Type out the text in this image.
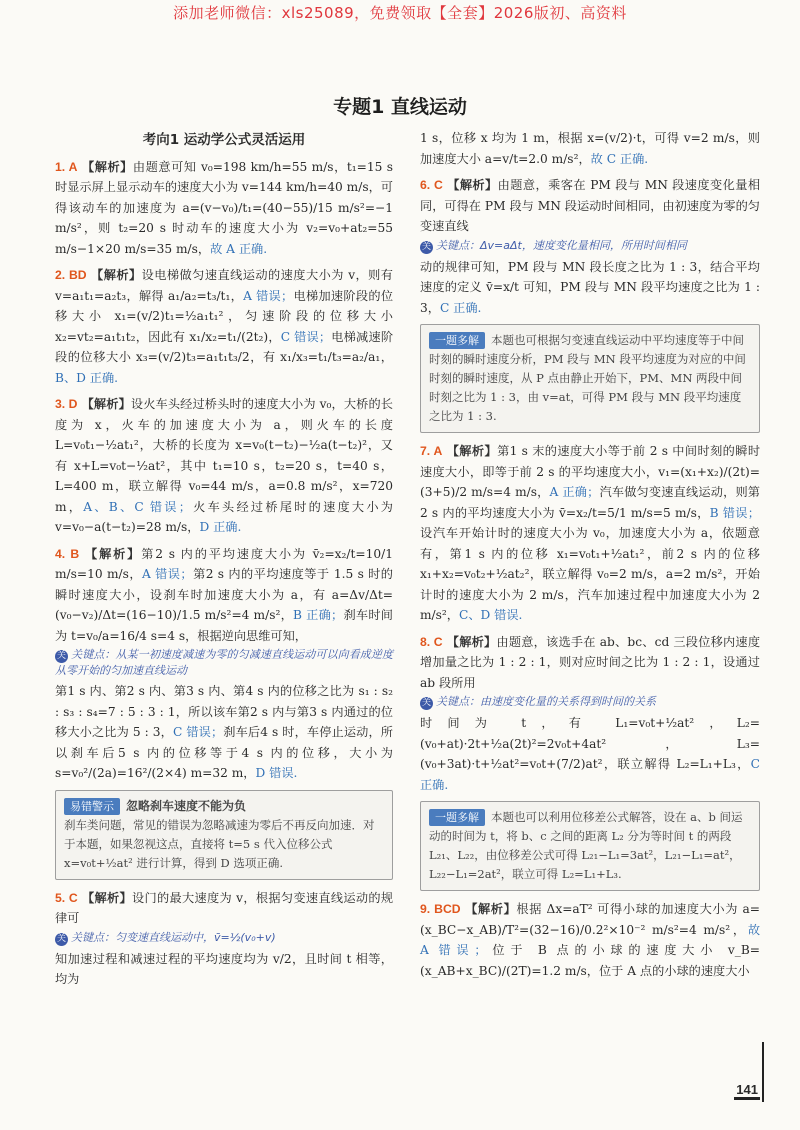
添加老师微信：xls25089，免费领取【全套】2026版初、高资料
专题1 直线运动
考向1 运动学公式灵活运用
1. A 【解析】由题意可知 v₀=198 km/h=55 m/s，t₁=15 s 时显示屏上显示动车的速度大小为 v=144 km/h=40 m/s，可得该动车的加速度为 a=(v−v₀)/t₁=(40−55)/15 m/s²=−1 m/s²，则 t₂=20 s 时动车的速度大小为 v₂=v₀+at₂=55 m/s−1×20 m/s=35 m/s，故 A 正确.
2. BD 【解析】设电梯做匀速直线运动的速度大小为 v，则有 v=a₁t₁=a₂t₃，解得 a₁/a₂=t₃/t₁，A 错误；电梯加速阶段的位移大小 x₁=(v/2)t₁=½a₁t₁²，匀速阶段的位移大小 x₂=vt₂=a₁t₁t₂，因此有 x₁/x₂=t₁/(2t₂)，C 错误；电梯减速阶段的位移大小 x₃=(v/2)t₃=a₁t₁t₃/2，有 x₁/x₃=t₁/t₃=a₂/a₁，B、D 正确.
3. D 【解析】设火车头经过桥头时的速度大小为 v₀，大桥的长度为 x，火车的加速度大小为 a，则火车的长度 L=v₀t₁−½at₁²，大桥的长度为 x=v₀(t−t₂)−½a(t−t₂)²，又有 x+L=v₀t−½at²，其中 t₁=10 s，t₂=20 s，t=40 s，L=400 m，联立解得 v₀=44 m/s，a=0.8 m/s²，x=720 m，A、B、C 错误；火车头经过桥尾时的速度大小为 v=v₀−a(t−t₂)=28 m/s，D 正确.
4. B 【解析】第2 s 内的平均速度大小为 v̄₂=x₂/t=10/1 m/s=10 m/s，A 错误；第2 s 内的平均速度等于 1.5 s 时的瞬时速度大小，设刹车时加速度大小为 a，有 a=Δv/Δt=(v₀−v₂)/Δt=(16−10)/1.5 m/s²=4 m/s²，B 正确；刹车时间为 t=v₀/a=16/4 s=4 s，根据逆向思维可知，
关 关键点：从某一初速度减速为零的匀减速直线运动可以向看成逆度从零开始的匀加速直线运动
第1 s 内、第2 s 内、第3 s 内、第4 s 内的位移之比为 s₁ : s₂ : s₃ : s₄=7 : 5 : 3 : 1，所以该车第2 s 内与第3 s 内通过的位移大小之比为 5 : 3，C 错误；刹车后4 s 时，车停止运动，所以刹车后5 s 内的位移等于4 s 内的位移，大小为 s=v₀²/(2a)=16²/(2×4) m=32 m，D 错误.
易错警示 忽略刹车速度不能为负
刹车类问题，常见的错误为忽略减速为零后不再反向加速．对于本题，如果忽视这点，直接将 t=5 s 代入位移公式 x=v₀t+½at² 进行计算，得到 D 选项正确.
5. C 【解析】设门的最大速度为 v，根据匀变速直线运动的规律可
关 关键点：匀变速直线运动中，v̄=½(v₀+v)
知加速过程和减速过程的平均速度均为 v/2，且时间 t 相等，均为
1 s，位移 x 均为 1 m，根据 x=(v/2)·t，可得 v=2 m/s，则加速度大小 a=v/t=2.0 m/s²，故 C 正确.
6. C 【解析】由题意，乘客在 PM 段与 MN 段速度变化量相同，可得在 PM 段与 MN 段运动时间相同，由初速度为零的匀变速直线
关 关键点：Δv=aΔt，速度变化量相同，所用时间相同
动的规律可知，PM 段与 MN 段长度之比为 1 : 3，结合平均速度的定义 v̄=x/t 可知，PM 段与 MN 段平均速度之比为 1 : 3，C 正确.
一题多解 本题也可根据匀变速直线运动中平均速度等于中间时刻的瞬时速度分析，PM 段与 MN 段平均速度为对应的中间时刻的瞬时速度，从 P 点由静止开始下，PM、MN 两段中间时刻之比为 1 : 3，由 v=at，可得 PM 段与 MN 段平均速度之比为 1 : 3.
7. A 【解析】第1 s 末的速度大小等于前 2 s 中间时刻的瞬时速度大小，即等于前 2 s 的平均速度大小，v₁=(x₁+x₂)/(2t)=(3+5)/2 m/s=4 m/s，A 正确；汽车做匀变速直线运动，则第2 s 内的平均速度大小为 v̄=x₂/t=5/1 m/s=5 m/s，B 错误；设汽车开始计时的速度大小为 v₀，加速度大小为 a，依题意有，第1 s 内的位移 x₁=v₀t₁+½at₁²，前2 s 内的位移 x₁+x₂=v₀t₂+½at₂²，联立解得 v₀=2 m/s，a=2 m/s²，开始计时的速度大小为 2 m/s，汽车加速过程中加速度大小为 2 m/s²，C、D 错误.
8. C 【解析】由题意，该选手在 ab、bc、cd 三段位移内速度增加量之比为 1 : 2 : 1，则对应时间之比为 1 : 2 : 1，设通过 ab 段所用
关 关键点：由速度变化量的关系得到时间的关系
时间为 t，有 L₁=v₀t+½at²，L₂=(v₀+at)·2t+½a(2t)²=2v₀t+4at²，L₃=(v₀+3at)·t+½at²=v₀t+(7/2)at²，联立解得 L₂=L₁+L₃，C 正确.
一题多解 本题也可以利用位移差公式解答，设在 a、b 间运动的时间为 t，将 b、c 之间的距离 L₂ 分为等时间 t 的两段 L₂₁、L₂₂，由位移差公式可得 L₂₁−L₁=3at²，L₂₁−L₁=at²，L₂₂−L₁=2at²，联立可得 L₂=L₁+L₃.
9. BCD 【解析】根据 Δx=aT² 可得小球的加速度大小为 a=(x_BC−x_AB)/T²=(32−16)/0.2²×10⁻² m/s²=4 m/s²，故 A 错误；位于 B 点的小球的速度大小 v_B=(x_AB+x_BC)/(2T)=1.2 m/s，位于 A 点的小球的速度大小
141
